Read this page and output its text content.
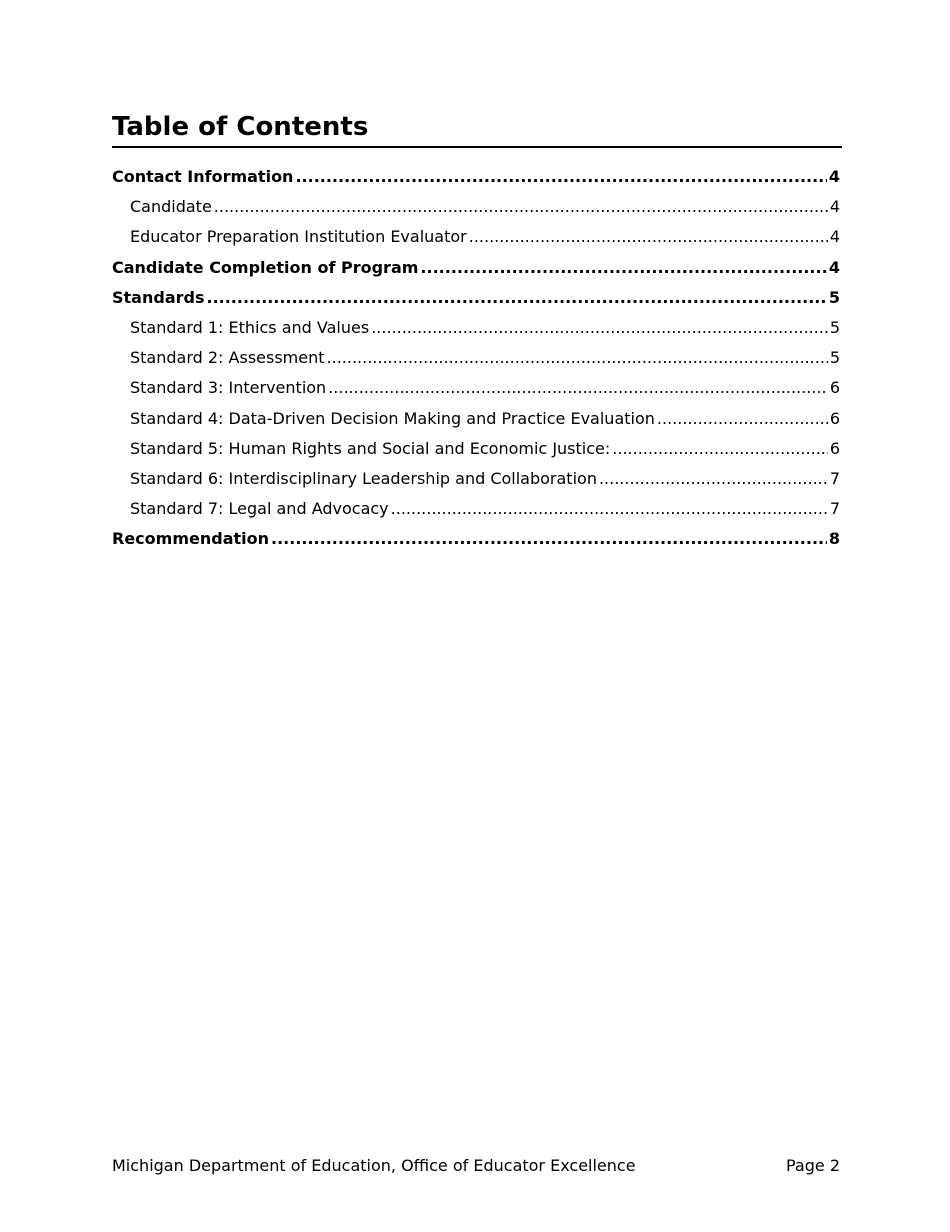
Table of Contents
Contact Information .....	4
Candidate .....	4
Educator Preparation Institution Evaluator .....	4
Candidate Completion of Program .....	4
Standards .....	5
Standard 1: Ethics and Values .....	5
Standard 2: Assessment .....	5
Standard 3: Intervention .....	6
Standard 4: Data-Driven Decision Making and Practice Evaluation .....	6
Standard 5: Human Rights and Social and Economic Justice: .....	6
Standard 6: Interdisciplinary Leadership and Collaboration .....	7
Standard 7: Legal and Advocacy .....	7
Recommendation .....	8
Michigan Department of Education, Office of Educator Excellence	Page 2
